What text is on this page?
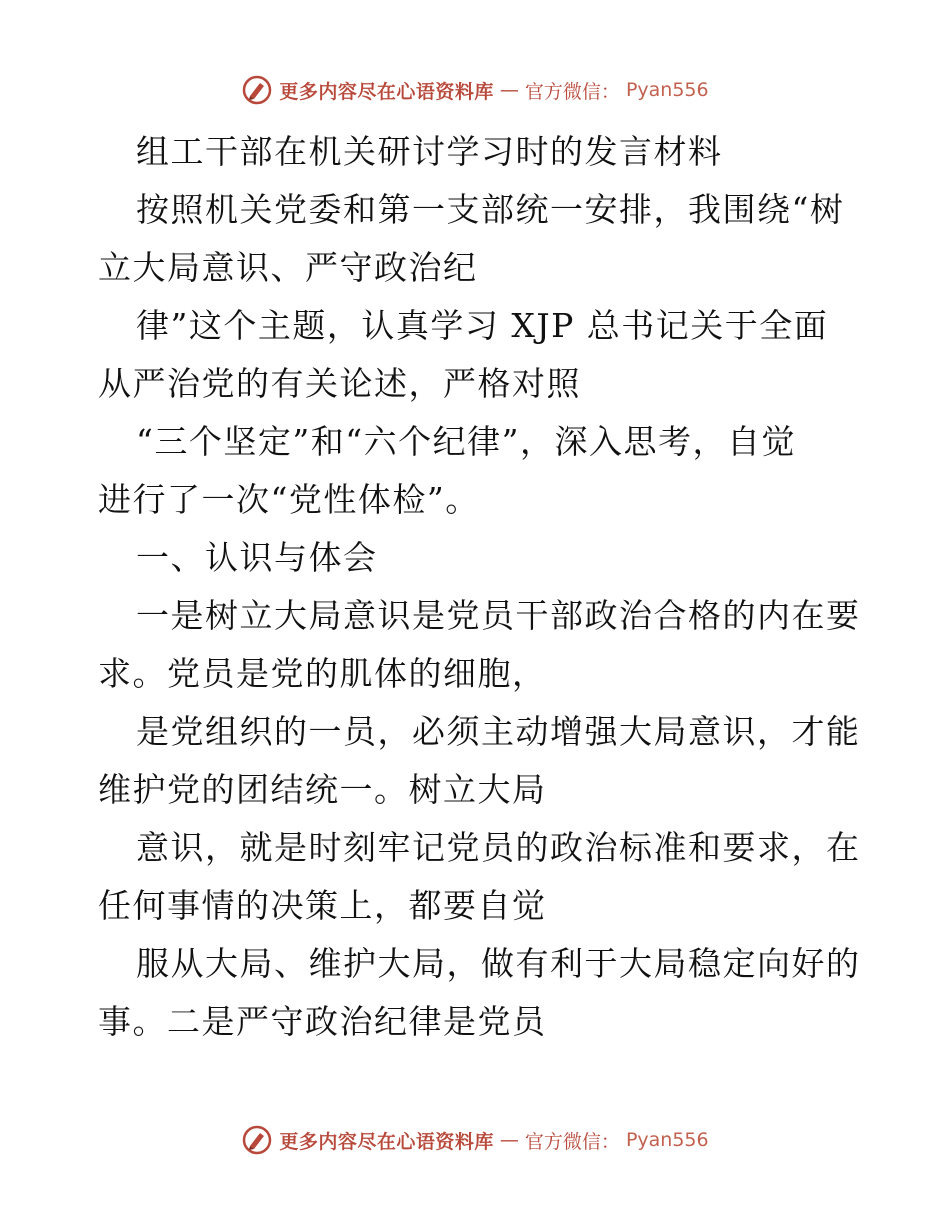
更多内容尽在心语资料库 — 官方微信： Pyan556
组工干部在机关研讨学习时的发言材料
按照机关党委和第一支部统一安排，我围绕“树
立大局意识、严守政治纪
律”这个主题，认真学习 XJP 总书记关于全面
从严治党的有关论述，严格对照
“三个坚定”和“六个纪律”，深入思考，自觉
进行了一次“党性体检”。
一、认识与体会
一是树立大局意识是党员干部政治合格的内在要
求。党员是党的肌体的细胞，
是党组织的一员，必须主动增强大局意识，才能
维护党的团结统一。树立大局
意识，就是时刻牢记党员的政治标准和要求，在
任何事情的决策上，都要自觉
服从大局、维护大局，做有利于大局稳定向好的
事。二是严守政治纪律是党员
更多内容尽在心语资料库 — 官方微信： Pyan556
